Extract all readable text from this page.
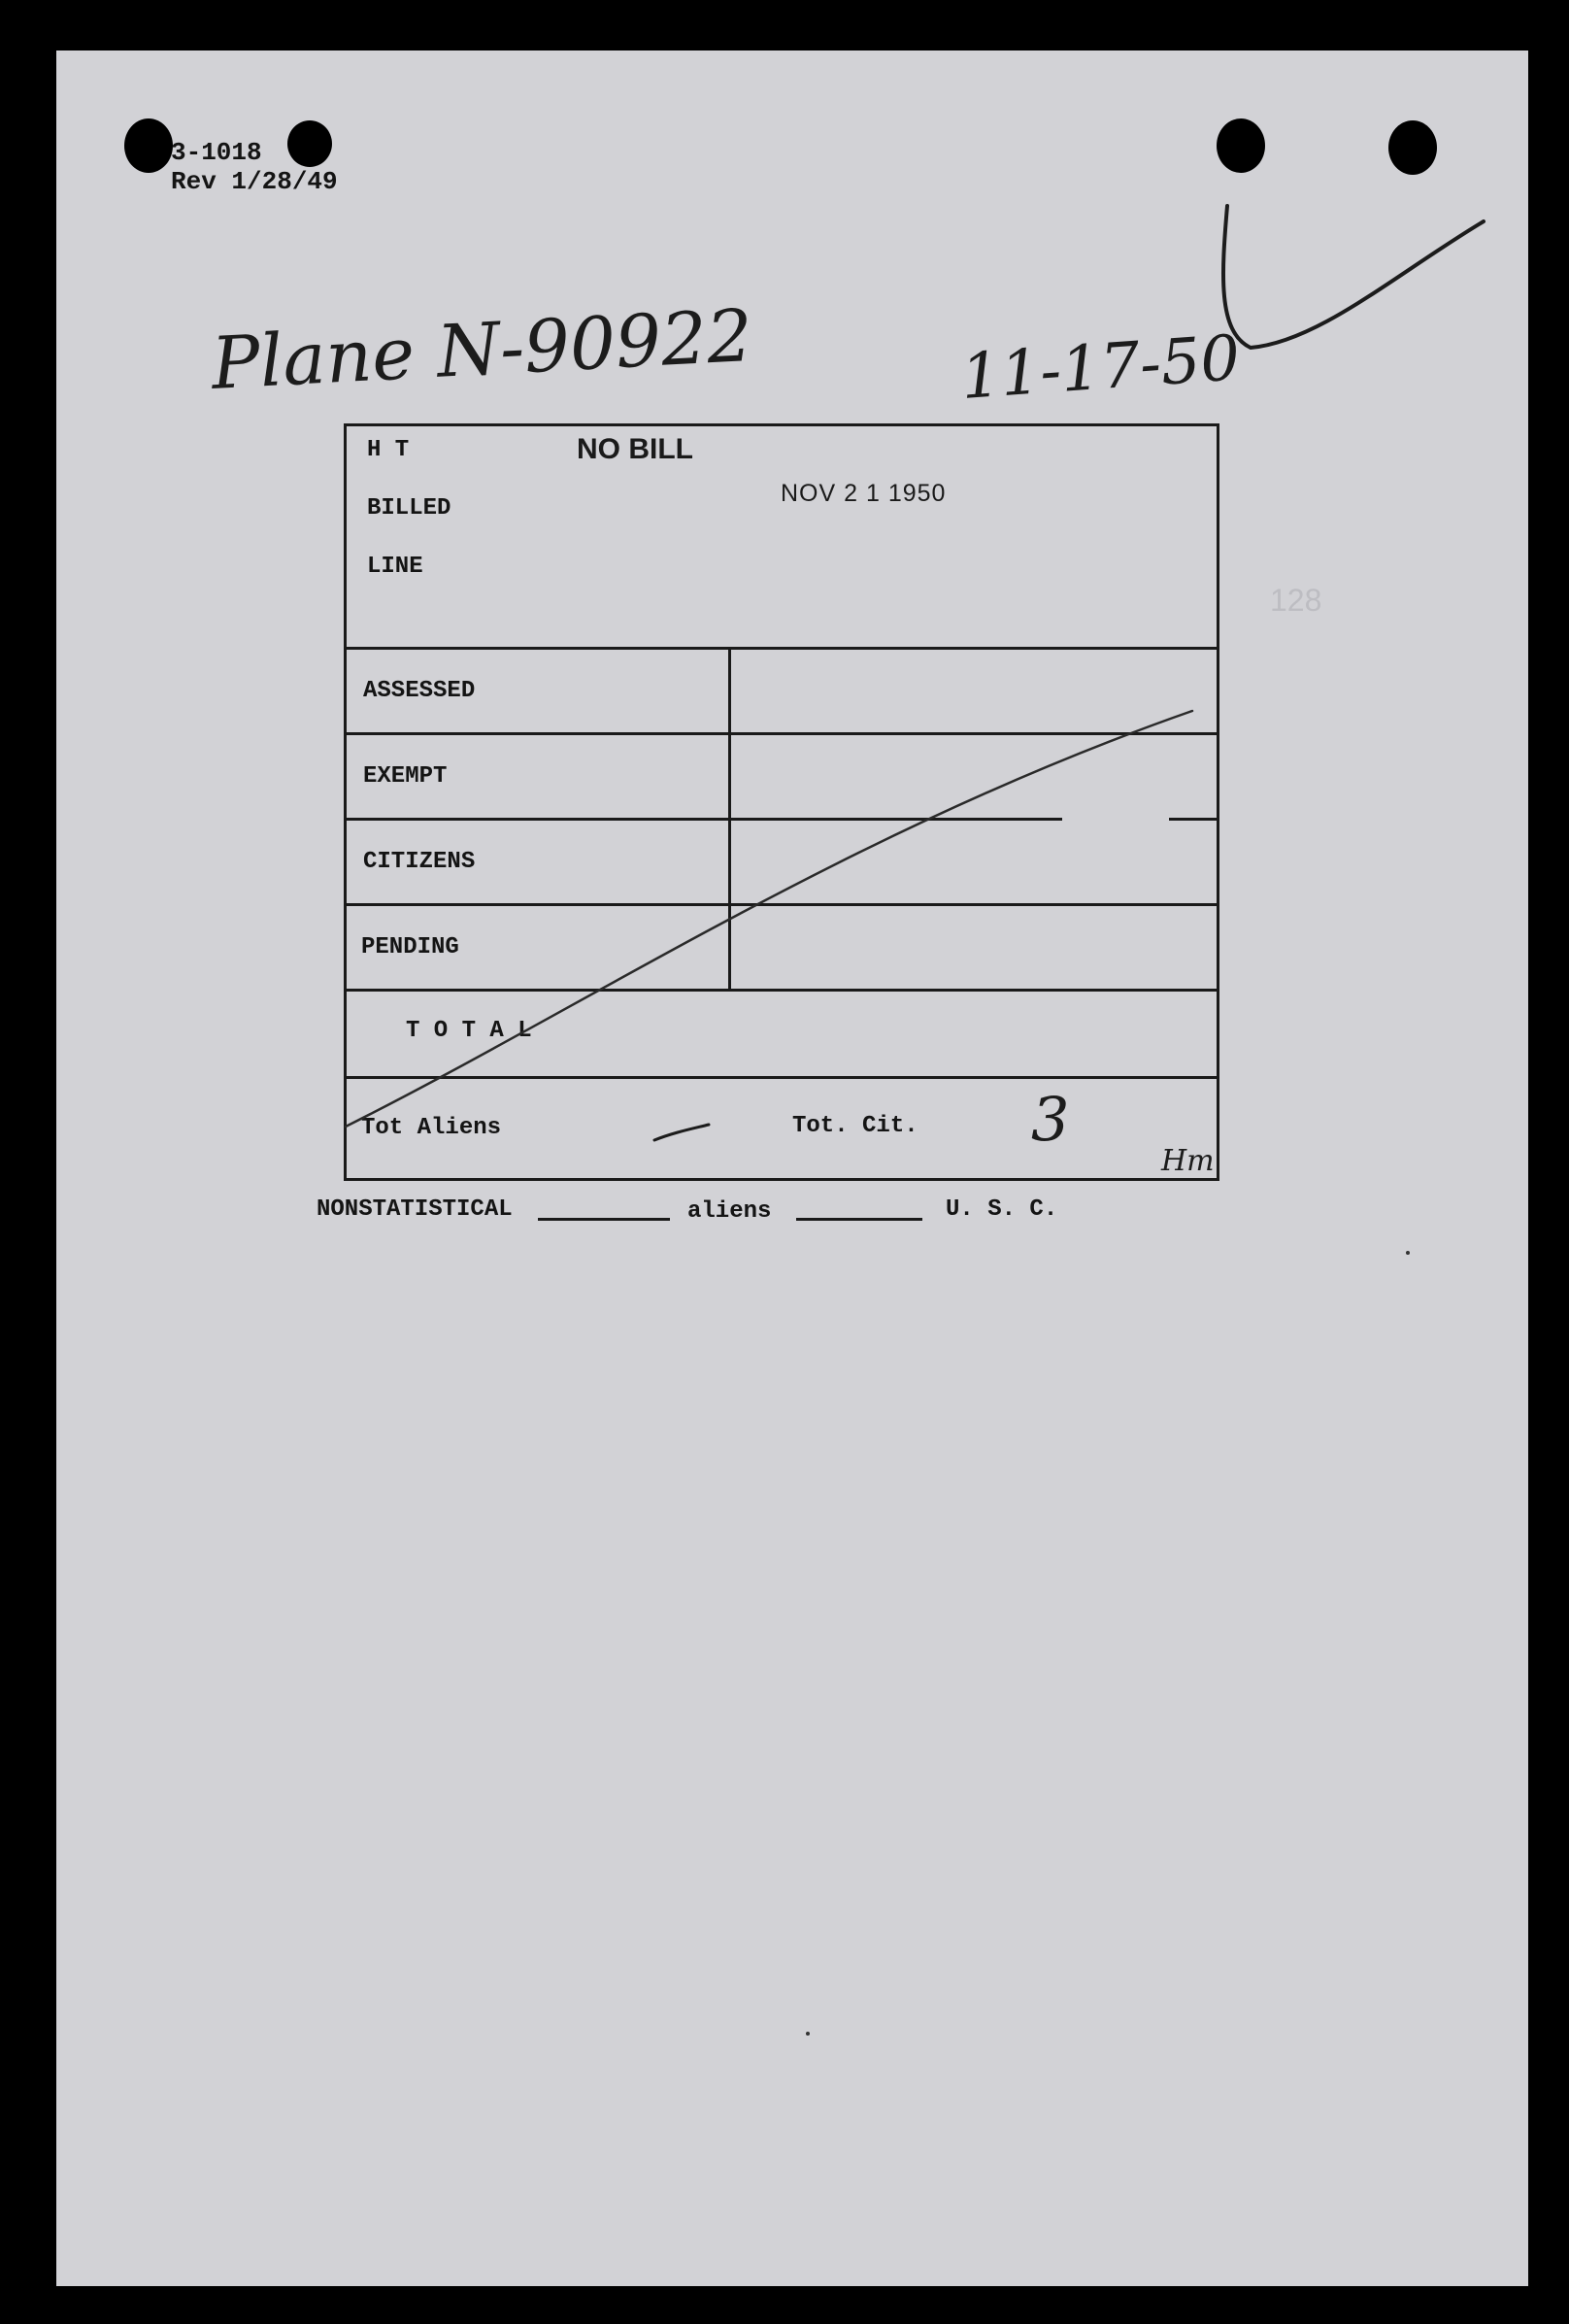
3-1018
Rev 1/28/49
Plane N-90922	11-17-50
128
H T
BILLED
LINE
NO BILL
NOV 2 1 1950
ASSESSED
EXEMPT
CITIZENS
PENDING
T O T A L
Tot Aliens	Tot. Cit. 3
Hm
NONSTATISTICAL	aliens	U. S. C.
